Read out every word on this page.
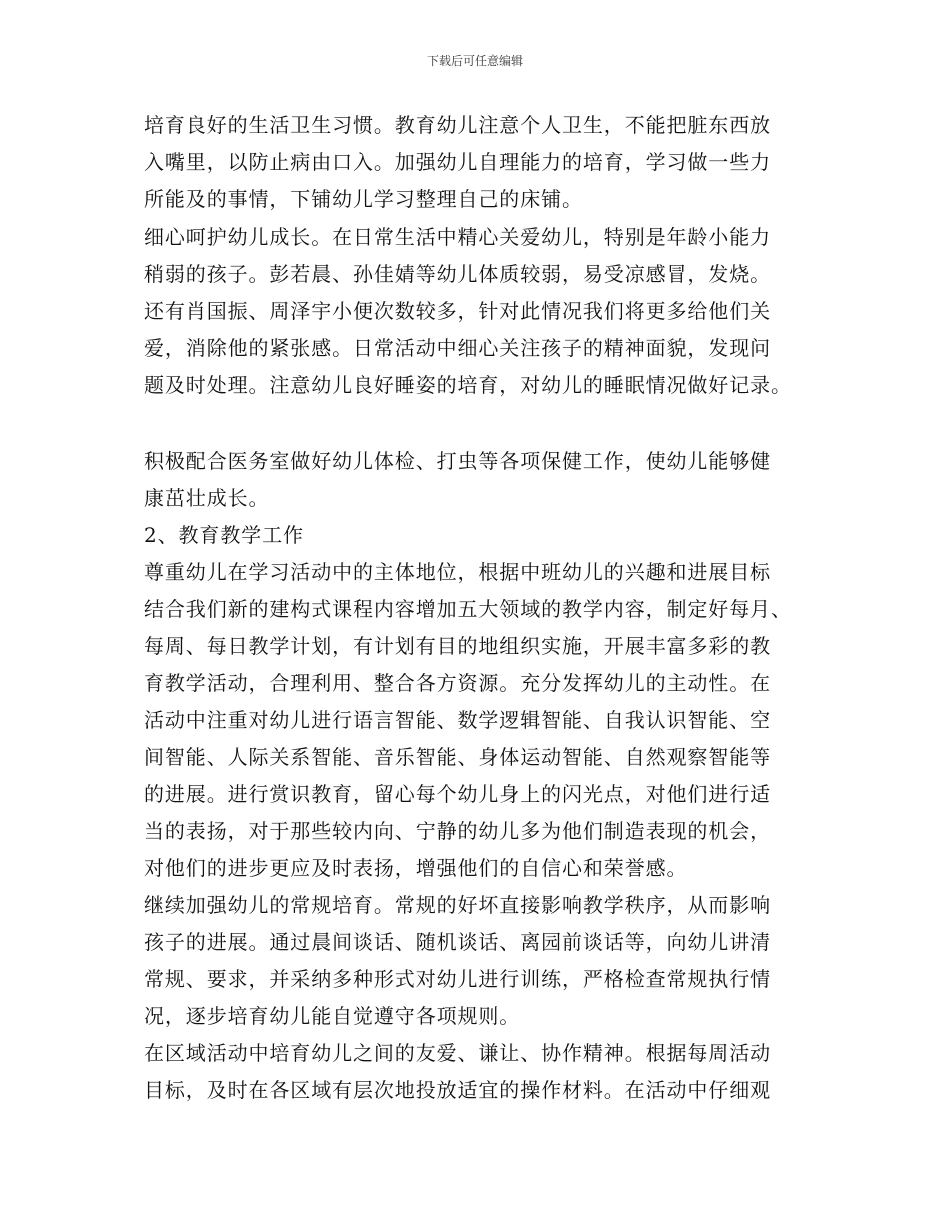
下载后可任意编辑
培育良好的生活卫生习惯。教育幼儿注意个人卫生，不能把脏东西放
入嘴里，以防止病由口入。加强幼儿自理能力的培育，学习做一些力
所能及的事情，下铺幼儿学习整理自己的床铺。
细心呵护幼儿成长。在日常生活中精心关爱幼儿，特别是年龄小能力
稍弱的孩子。彭若晨、孙佳婧等幼儿体质较弱，易受凉感冒，发烧。
还有肖国振、周泽宇小便次数较多，针对此情况我们将更多给他们关
爱，消除他的紧张感。日常活动中细心关注孩子的精神面貌，发现问
题及时处理。注意幼儿良好睡姿的培育，对幼儿的睡眠情况做好记录。
积极配合医务室做好幼儿体检、打虫等各项保健工作，使幼儿能够健
康茁壮成长。
2、教育教学工作
尊重幼儿在学习活动中的主体地位，根据中班幼儿的兴趣和进展目标
结合我们新的建构式课程内容增加五大领域的教学内容，制定好每月、
每周、每日教学计划，有计划有目的地组织实施，开展丰富多彩的教
育教学活动，合理利用、整合各方资源。充分发挥幼儿的主动性。在
活动中注重对幼儿进行语言智能、数学逻辑智能、自我认识智能、空
间智能、人际关系智能、音乐智能、身体运动智能、自然观察智能等
的进展。进行赏识教育，留心每个幼儿身上的闪光点，对他们进行适
当的表扬，对于那些较内向、宁静的幼儿多为他们制造表现的机会，
对他们的进步更应及时表扬，增强他们的自信心和荣誉感。
继续加强幼儿的常规培育。常规的好坏直接影响教学秩序，从而影响
孩子的进展。通过晨间谈话、随机谈话、离园前谈话等，向幼儿讲清
常规、要求，并采纳多种形式对幼儿进行训练，严格检查常规执行情
况，逐步培育幼儿能自觉遵守各项规则。
在区域活动中培育幼儿之间的友爱、谦让、协作精神。根据每周活动
目标，及时在各区域有层次地投放适宜的操作材料。在活动中仔细观
